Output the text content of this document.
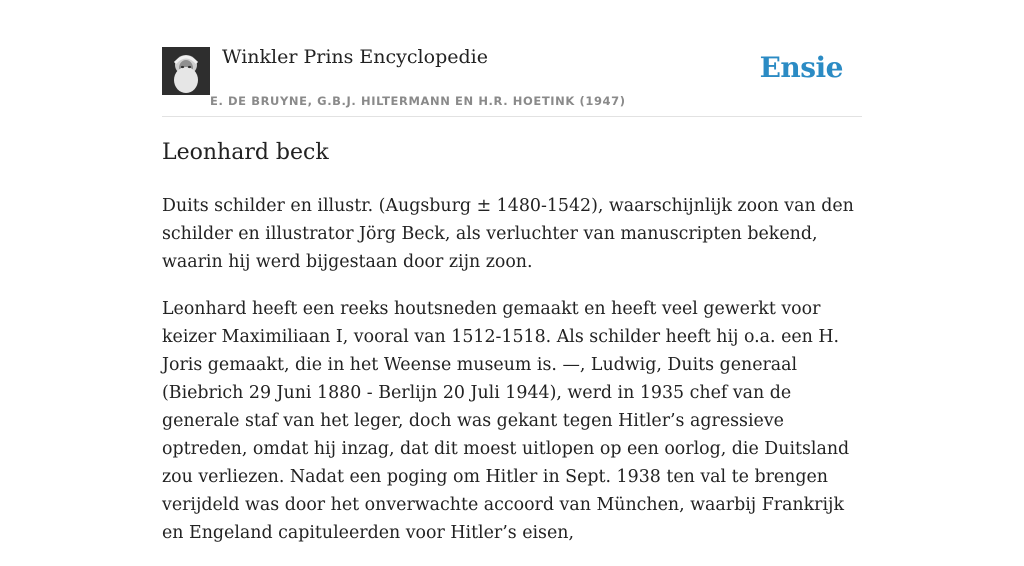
Winkler Prins Encyclopedie
E. DE BRUYNE, G.B.J. HILTERMANN EN H.R. HOETINK (1947)
Ensie
Leonhard beck

Duits schilder en illustr. (Augsburg ± 1480-1542), waarschijnlijk zoon van den schilder en illustrator Jörg Beck, als verluchter van manuscripten bekend, waarin hij werd bijgestaan door zijn zoon.

Leonhard heeft een reeks houtsneden gemaakt en heeft veel gewerkt voor keizer Maximiliaan I, vooral van 1512-1518. Als schilder heeft hij o.a. een H. Joris gemaakt, die in het Weense museum is. —, Ludwig, Duits generaal (Biebrich 29 Juni 1880 - Berlijn 20 Juli 1944), werd in 1935 chef van de generale staf van het leger, doch was gekant tegen Hitler’s agressieve optreden, omdat hij inzag, dat dit moest uitlopen op een oorlog, die Duitsland zou verliezen. Nadat een poging om Hitler in Sept. 1938 ten val te brengen verijdeld was door het onverwachte accoord van München, waarbij Frankrijk en Engeland capituleerden voor Hitler’s eisen,
